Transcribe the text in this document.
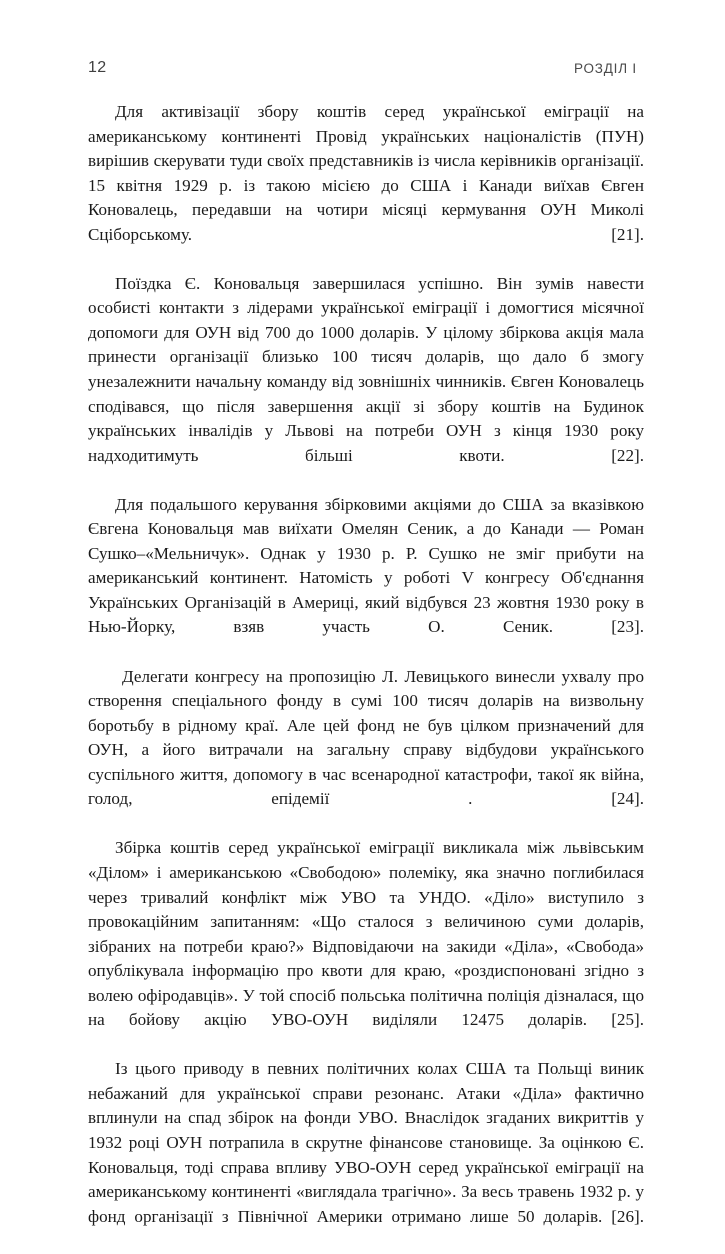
12	РОЗДІЛ I

Для активізації збору коштів серед української еміграції на американському континенті Провід українських націоналістів (ПУН) вирішив скерувати туди своїх представників із числа керівників організації. 15 квітня 1929 р. із такою місією до США і Канади виїхав Євген Коновалець, передавши на чотири місяці кермування ОУН Миколі Сціборському. [21].

Поїздка Є. Коновальця завершилася успішно. Він зумів навести особисті контакти з лідерами української еміграції і домогтися місячної допомоги для ОУН від 700 до 1000 доларів. У цілому збіркова акція мала принести організації близько 100 тисяч доларів, що дало б змогу унезалежнити начальну команду від зовнішніх чинників. Євген Коновалець сподівався, що після завершення акції зі збору коштів на Будинок українських інвалідів у Львові на потреби ОУН з кінця 1930 року надходитимуть більші квоти. [22].

Для подальшого керування збірковими акціями до США за вказівкою Євгена Коновальця мав виїхати Омелян Сеник, а до Канади — Роман Сушко–«Мельничук». Однак у 1930 р. Р. Сушко не зміг прибути на американський континент. Натомість у роботі V конгресу Об'єднання Українських Організацій в Америці, який відбувся 23 жовтня 1930 року в Нью-Йорку, взяв участь О. Сеник. [23].

Делегати конгресу на пропозицію Л. Левицького винесли ухвалу про створення спеціального фонду в сумі 100 тисяч доларів на визвольну боротьбу в рідному краї. Але цей фонд не був цілком призначений для ОУН, а його витрачали на загальну справу відбудови українського суспільного життя, допомогу в час всенародної катастрофи, такої як війна, голод, епідемії . [24].

Збірка коштів серед української еміграції викликала між львівським «Ділом» і американською «Свободою» полеміку, яка значно поглибилася через тривалий конфлікт між УВО та УНДО. «Діло» виступило з провокаційним запитанням: «Що сталося з величиною суми доларів, зібраних на потреби краю?» Відповідаючи на закиди «Діла», «Свобода» опублікувала інформацію про квоти для краю, «роздиспоновані згідно з волею офіродавців». У той спосіб польська політична поліція дізналася, що на бойову акцію УВО-ОУН виділяли 12475 доларів. [25].

Із цього приводу в певних політичних колах США та Польщі виник небажаний для української справи резонанс. Атаки «Діла» фактично вплинули на спад збірок на фонди УВО. Внаслідок згаданих викриттів у 1932 році ОУН потрапила в скрутне фінансове становище. За оцінкою Є. Коновальця, тоді справа впливу УВО-ОУН серед української еміграції на американському континенті «виглядала трагічно». За весь травень 1932 р. у фонд організації з Північної Америки отримано лише 50 доларів. [26].
